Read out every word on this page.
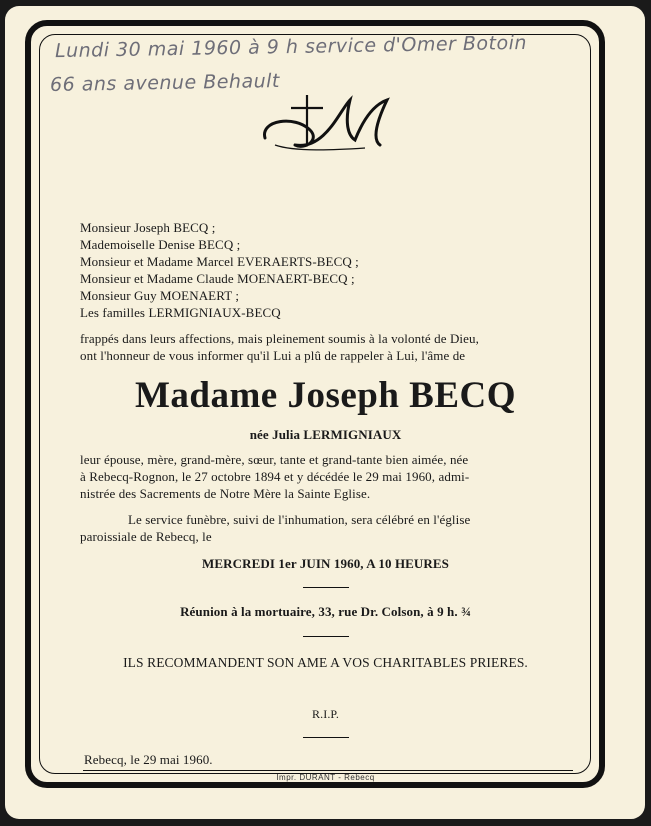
Lundi 30 mai 1960 à 9 h service d'Omer Botoin
66 ans avenue Behault
Monsieur Joseph BECQ ;
Mademoiselle Denise BECQ ;
Monsieur et Madame Marcel EVERAERTS-BECQ ;
Monsieur et Madame Claude MOENAERT-BECQ ;
Monsieur Guy MOENAERT ;
Les familles LERMIGNIAUX-BECQ
frappés dans leurs affections, mais pleinement soumis à la volonté de Dieu,
ont l'honneur de vous informer qu'il Lui a plû de rappeler à Lui, l'âme de
Madame Joseph BECQ
née Julia LERMIGNIAUX
leur épouse, mère, grand-mère, sœur, tante et grand-tante bien aimée, née
à Rebecq-Rognon, le 27 octobre 1894 et y décédée le 29 mai 1960, admi-
nistrée des Sacrements de Notre Mère la Sainte Eglise.
Le service funèbre, suivi de l'inhumation, sera célébré en l'église
paroissiale de Rebecq, le
MERCREDI 1er JUIN 1960, A 10 HEURES
Réunion à la mortuaire, 33, rue Dr. Colson, à 9 h. ¾
ILS RECOMMANDENT SON AME A VOS CHARITABLES PRIERES.
R.I.P.
Rebecq, le 29 mai 1960.
Impr. DURANT - Rebecq
